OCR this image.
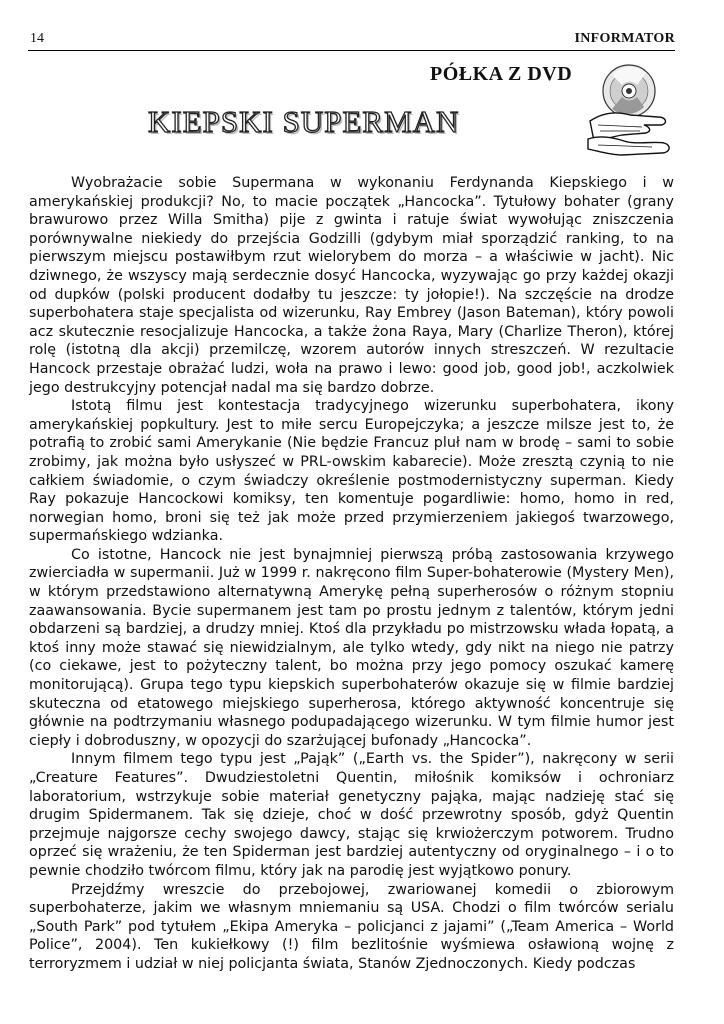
14	INFORMATOR
PÓŁKA Z DVD
KIEPSKI SUPERMAN

Wyobrażacie sobie Supermana w wykonaniu Ferdynanda Kiepskiego i w amerykańskiej produkcji? No, to macie początek „Hancocka”. Tytułowy bohater (grany brawurowo przez Willa Smitha) pije z gwinta i ratuje świat wywołując zniszczenia porównywalne niekiedy do przejścia Godzilli (gdybym miał sporządzić ranking, to na pierwszym miejscu postawiłbym rzut wielorybem do morza – a właściwie w jacht). Nic dziwnego, że wszyscy mają serdecznie dosyć Hancocka, wyzywając go przy każdej okazji od dupków (polski producent dodałby tu jeszcze: ty jołopie!). Na szczęście na drodze superbohatera staje specjalista od wizerunku, Ray Embrey (Jason Bateman), który powoli acz skutecznie resocjalizuje Hancocka, a także żona Raya, Mary (Charlize Theron), której rolę (istotną dla akcji) przemilczę, wzorem autorów innych streszczeń. W rezultacie Hancock przestaje obrażać ludzi, woła na prawo i lewo: good job, good job!, aczkolwiek jego destrukcyjny potencjał nadal ma się bardzo dobrze.

Istotą filmu jest kontestacja tradycyjnego wizerunku superbohatera, ikony amerykańskiej popkultury. Jest to miłe sercu Europejczyka; a jeszcze milsze jest to, że potrafią to zrobić sami Amerykanie (Nie będzie Francuz pluł nam w brodę – sami to sobie zrobimy, jak można było usłyszeć w PRL-owskim kabarecie). Może zresztą czynią to nie całkiem świadomie, o czym świadczy określenie postmodernistyczny superman. Kiedy Ray pokazuje Hancockowi komiksy, ten komentuje pogardliwie: homo, homo in red, norwegian homo, broni się też jak może przed przymierzeniem jakiegoś twarzowego, supermańskiego wdzianka.

Co istotne, Hancock nie jest bynajmniej pierwszą próbą zastosowania krzywego zwierciadła w supermanii. Już w 1999 r. nakręcono film Super-bohaterowie (Mystery Men), w którym przedstawiono alternatywną Amerykę pełną superherosów o różnym stopniu zaawansowania. Bycie supermanem jest tam po prostu jednym z talentów, którym jedni obdarzeni są bardziej, a drudzy mniej. Ktoś dla przykładu po mistrzowsku włada łopatą, a ktoś inny może stawać się niewidzialnym, ale tylko wtedy, gdy nikt na niego nie patrzy (co ciekawe, jest to pożyteczny talent, bo można przy jego pomocy oszukać kamerę monitorującą). Grupa tego typu kiepskich superbohaterów okazuje się w filmie bardziej skuteczna od etatowego miejskiego superherosa, którego aktywność koncentruje się głównie na podtrzymaniu własnego podupadającego wizerunku. W tym filmie humor jest ciepły i dobroduszny, w opozycji do szarżującej bufonady „Hancocka”.

Innym filmem tego typu jest „Pająk” („Earth vs. the Spider”), nakręcony w serii „Creature Features”. Dwudziestoletni Quentin, miłośnik komiksów i ochroniarz laboratorium, wstrzykuje sobie materiał genetyczny pająka, mając nadzieję stać się drugim Spidermanem. Tak się dzieje, choć w dość przewrotny sposób, gdyż Quentin przejmuje najgorsze cechy swojego dawcy, stając się krwiożerczym potworem. Trudno oprzeć się wrażeniu, że ten Spiderman jest bardziej autentyczny od oryginalnego – i o to pewnie chodziło twórcom filmu, który jak na parodię jest wyjątkowo ponury.

Przejdźmy wreszcie do przebojowej, zwariowanej komedii o zbiorowym superbohaterze, jakim we własnym mniemaniu są USA. Chodzi o film twórców serialu „South Park” pod tytułem „Ekipa Ameryka – policjanci z jajami” („Team America – World Police”, 2004). Ten kukiełkowy (!) film bezlitośnie wyśmiewa osławioną wojnę z terroryzmem i udział w niej policjanta świata, Stanów Zjednoczonych. Kiedy podczas
